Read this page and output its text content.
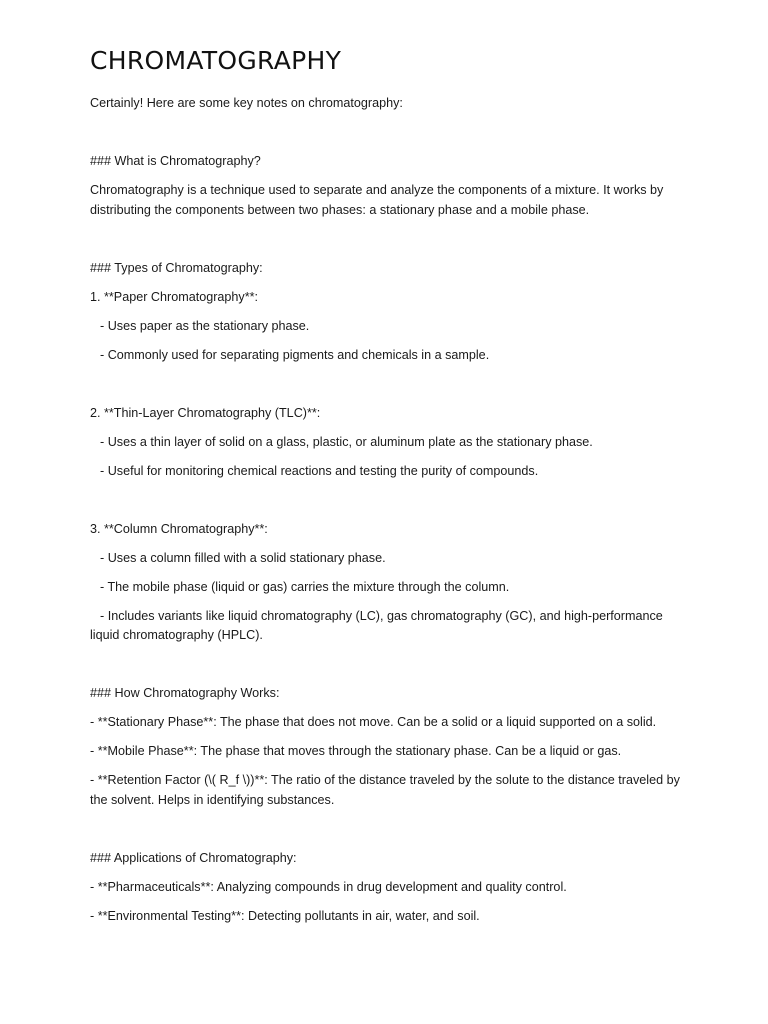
CHROMATOGRAPHY
Certainly! Here are some key notes on chromatography:
### What is Chromatography?
Chromatography is a technique used to separate and analyze the components of a mixture. It works by distributing the components between two phases: a stationary phase and a mobile phase.
### Types of Chromatography:
1. **Paper Chromatography**:
- Uses paper as the stationary phase.
- Commonly used for separating pigments and chemicals in a sample.
2. **Thin-Layer Chromatography (TLC)**:
- Uses a thin layer of solid on a glass, plastic, or aluminum plate as the stationary phase.
- Useful for monitoring chemical reactions and testing the purity of compounds.
3. **Column Chromatography**:
- Uses a column filled with a solid stationary phase.
- The mobile phase (liquid or gas) carries the mixture through the column.
- Includes variants like liquid chromatography (LC), gas chromatography (GC), and high-performance liquid chromatography (HPLC).
### How Chromatography Works:
- **Stationary Phase**: The phase that does not move. Can be a solid or a liquid supported on a solid.
- **Mobile Phase**: The phase that moves through the stationary phase. Can be a liquid or gas.
- **Retention Factor (\( R_f \))**: The ratio of the distance traveled by the solute to the distance traveled by the solvent. Helps in identifying substances.
### Applications of Chromatography:
- **Pharmaceuticals**: Analyzing compounds in drug development and quality control.
- **Environmental Testing**: Detecting pollutants in air, water, and soil.
